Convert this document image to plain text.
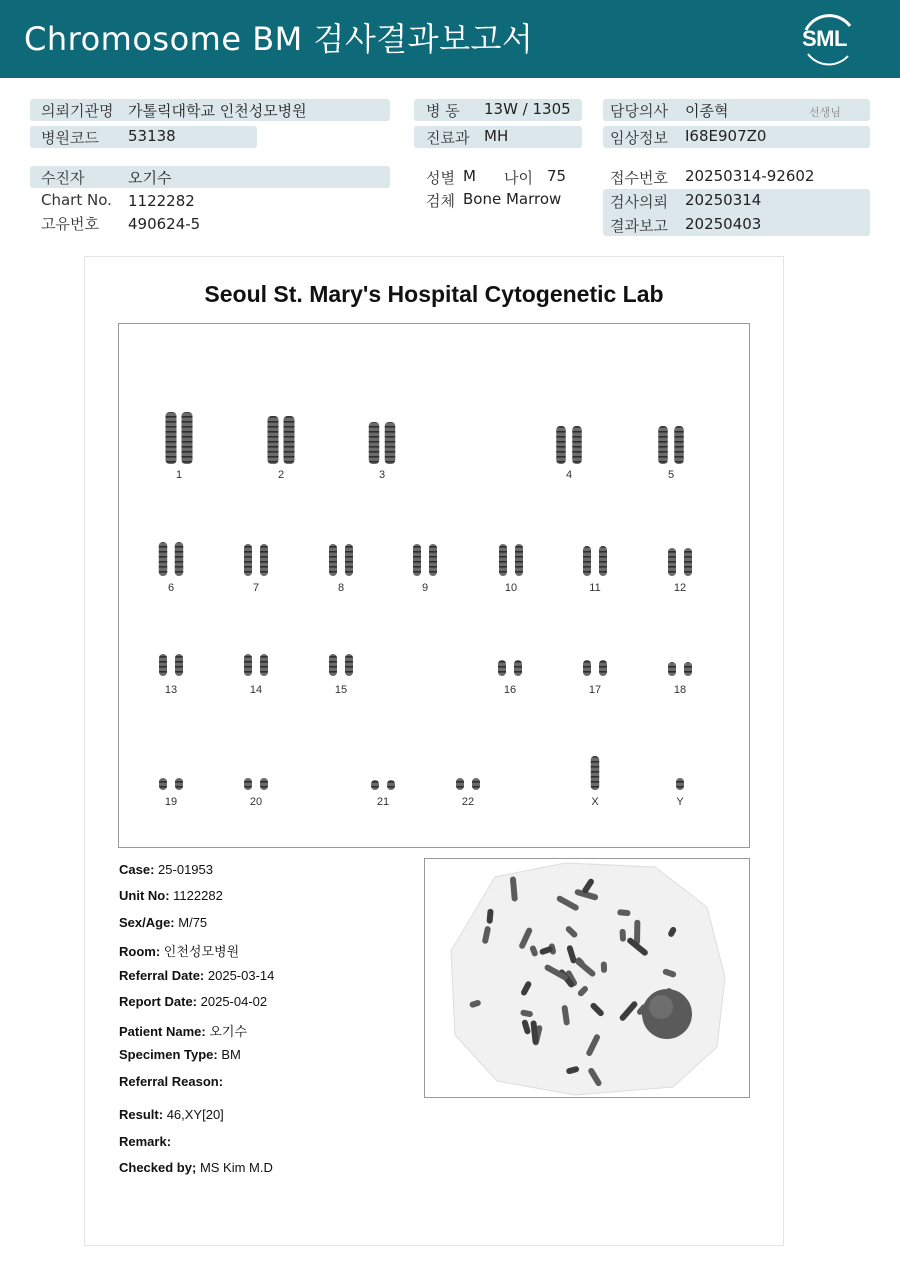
Chromosome BM 검사결과보고서	SML
의뢰기관명 가톨릭대학교 인천성모병원
병원코드 53138
병 동 13W / 1305
진료과 MH
담당의사 이종혁	선생님
임상정보 I68E907Z0
수진자	오기수
Chart No. 1122282
고유번호 490624-5
성별 M 나이 75
검체 Bone Marrow
접수번호 20250314-92602
검사의뢰 20250314
결과보고 20250403
Seoul St. Mary's Hospital Cytogenetic Lab
1	2	3	4	5
6	7	8	9	10	11	12
13	14	15	16	17	18
19	20	21	22	X	Y
Case: 25-01953
Unit No: 1122282
Sex/Age: M/75
Room: 인천성모병원
Referral Date: 2025-03-14
Report Date: 2025-04-02
Patient Name: 오기수
Specimen Type: BM
Referral Reason:
Result: 46,XY[20]
Remark:
Checked by; MS Kim M.D
